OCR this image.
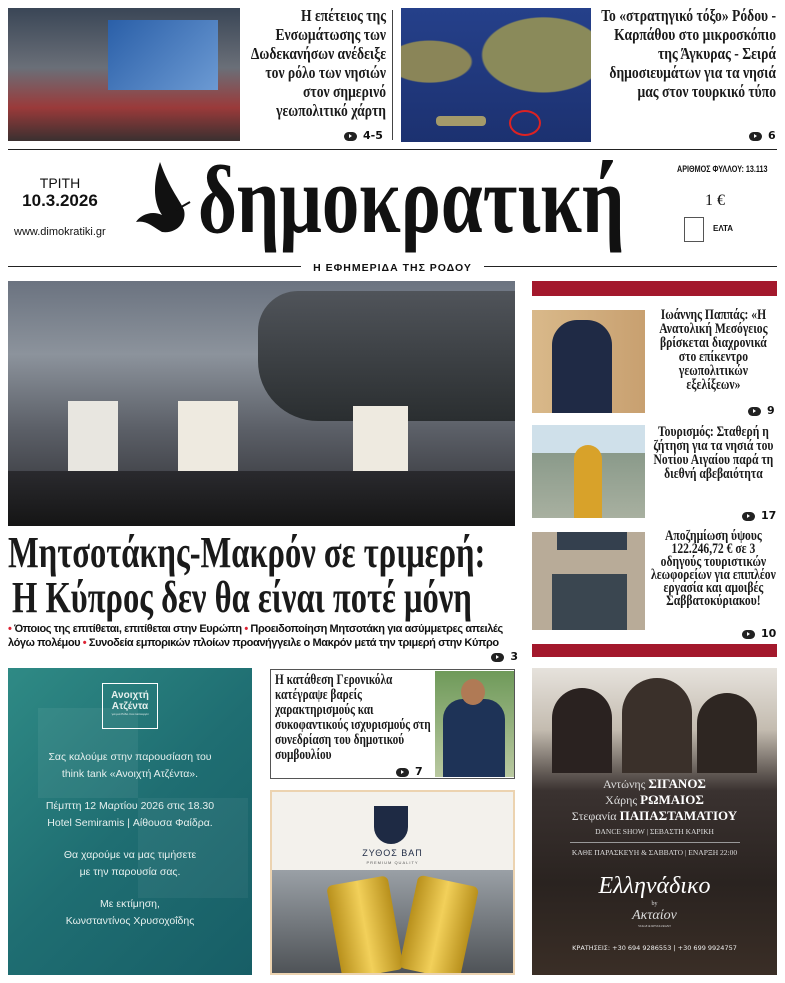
Η επέτειος της Ενσωμάτωσης των Δωδεκανήσων ανέδειξε τον ρόλο των νησιών στον σημερινό γεωπολιτικό χάρτη
4-5
Το «στρατηγικό τόξο» Ρόδου - Καρπάθου στο μικροσκόπιο της Άγκυρας - Σειρά δημοσιευμάτων για τα νησιά μας στον τουρκικό τύπο
6
ΤΡΙΤΗ
10.3.2026
www.dimokratiki.gr δημοκρατική	ΑΡΙΘΜΟΣ ΦΥΛΛΟΥ: 13.113
1 €
ΕΛΤΑ
Η ΕΦΗΜΕΡΙΔΑ ΤΗΣ ΡΟΔΟΥ
Μητσοτάκης-Μακρόν σε τριμερή:
Η Κύπρος δεν θα είναι ποτέ μόνη
• Όποιος της επιτίθεται, επιτίθεται στην Ευρώπη • Προειδοποίηση Μητσοτάκη για ασύμμετρες απειλές λόγω πολέμου • Συνοδεία εμπορικών πλοίων προανήγγειλε ο Μακρόν μετά την τριμερή στην Κύπρο
3
Ιωάννης Παππάς: «Η Ανατολική Μεσόγειος βρίσκεται διαχρονικά στο επίκεντρο γεωπολιτικών εξελίξεων»
9
Τουρισμός: Σταθερή η ζήτηση για τα νησιά του Νοτίου Αιγαίου παρά τη διεθνή αβεβαιότητα
17
Αποζημίωση ύψους 122.246,72 € σε 3 οδηγούς τουριστικών λεωφορείων για επιπλέον εργασία και αμοιβές Σαββατοκύριακου!
10
Ανοιχτή
Ατζέντα
για μια Ρόδο που λειτουργεί
Σας καλούμε στην παρουσίαση του
think tank «Ανοιχτή Ατζέντα».
Πέμπτη 12 Μαρτίου 2026 στις 18.30
Hotel Semiramis | Αίθουσα Φαίδρα.
Θα χαρούμε να μας τιμήσετε
με την παρουσία σας.
Με εκτίμηση,
Κωνσταντίνος Χρυσοχοΐδης
Η κατάθεση Γερονικόλα κατέγραψε βαρείς χαρακτηρισμούς και συκοφαντικούς ισχυρισμούς στη συνεδρίαση του δημοτικού συμβουλίου
7
ΖΥΘΟΣ ΒΑΠ
PREMIUM QUALITY
Αντώνης ΣΙΓΑΝΟΣ
Χάρης ΡΩΜΑΙΟΣ
Στεφανία ΠΑΠΑΣΤΑΜΑΤΙΟΥ
DANCE SHOW | ΣΕΒΑΣΤΗ ΚΑΡΙΚΗ
ΚΑΘΕ ΠΑΡΑΣΚΕΥΗ & ΣΑΒΒΑΤΟ | ΕΝΑΡΞΗ 22:00
Ελληνάδικο
by
Ακταίον
STAGE & RESTAURANT
ΚΡΑΤΗΣΕΙΣ: +30 694 9286553 | +30 699 9924757
